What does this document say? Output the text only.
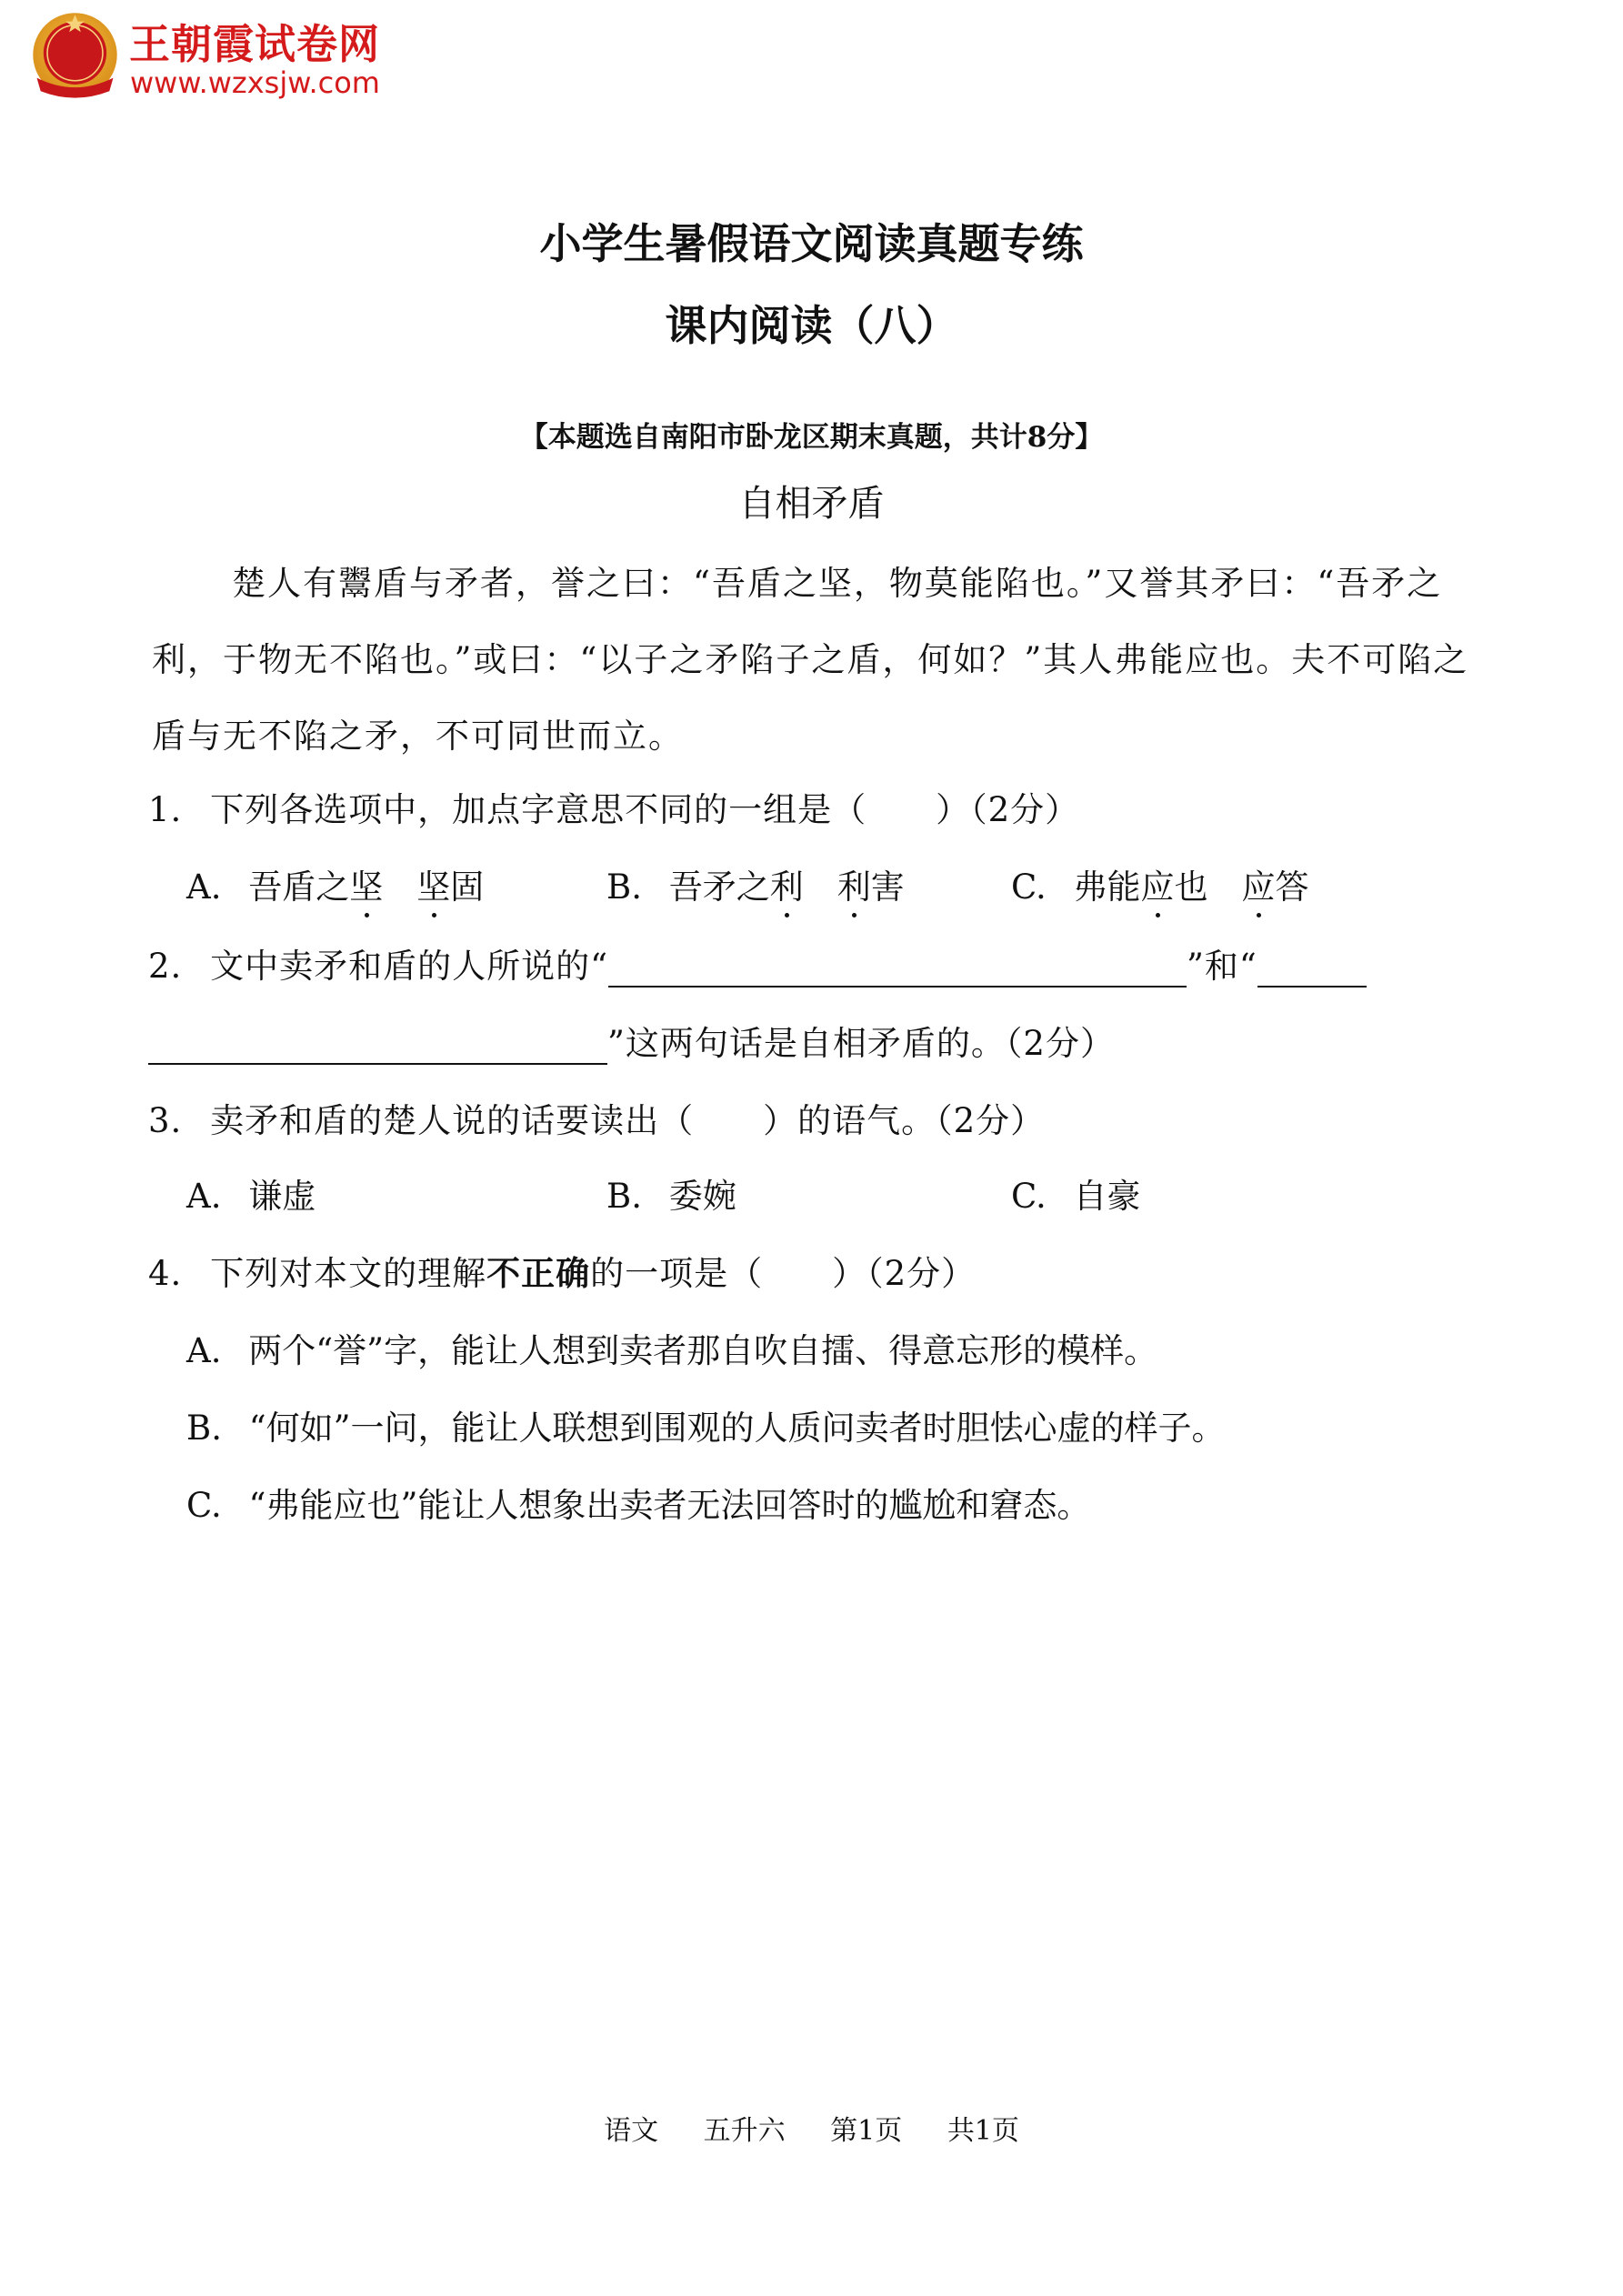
王朝霞试卷网
www.wzxsjw.com
小学生暑假语文阅读真题专练
课内阅读（八）
【本题选自南阳市卧龙区期末真题，共计8分】
自相矛盾

楚人有鬻盾与矛者，誉之曰：“吾盾之坚，物莫能陷也。”又誉其矛曰：“吾矛之利，于物无不陷也。”或曰：“以子之矛陷子之盾，何如？”其人弗能应也。夫不可陷之盾与无不陷之矛，不可同世而立。

1. 下列各选项中，加点字意思不同的一组是（　　）（2分）
A. 吾盾之坚　 坚固	B. 吾矛之利　 利害	C. 弗能应也　应答
2. 文中卖矛和盾的人所说的“	”和“
”这两句话是自相矛盾的。（2分）
3. 卖矛和盾的楚人说的话要读出（　　）的语气。（2分）
A. 谦虚	B. 委婉	C. 自豪
4. 下列对本文的理解不正确的一项是（　　）（2分）
A. 两个“誉”字，能让人想到卖者那自吹自擂、得意忘形的模样。
B. “何如”一问，能让人联想到围观的人质问卖者时胆怯心虚的样子。
C. “弗能应也”能让人想象出卖者无法回答时的尴尬和窘态。
语文 五升六 第1页 共1页
